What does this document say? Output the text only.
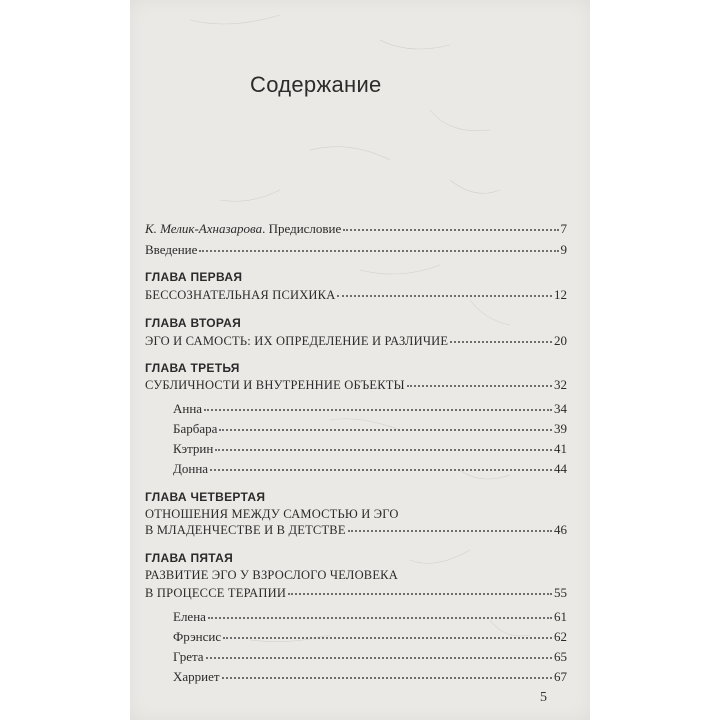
Содержание
К. Мелик-Ахназарова. Предисловие	7
Введение	9
ГЛАВА ПЕРВАЯ
БЕССОЗНАТЕЛЬНАЯ ПСИХИКА	12
ГЛАВА ВТОРАЯ
ЭГО И САМОСТЬ: ИХ ОПРЕДЕЛЕНИЕ И РАЗЛИЧИЕ	20
ГЛАВА ТРЕТЬЯ
СУБЛИЧНОСТИ И ВНУТРЕННИЕ ОБЪЕКТЫ	32
Анна	34
Барбара	39
Кэтрин	41
Донна	44
ГЛАВА ЧЕТВЕРТАЯ
ОТНОШЕНИЯ МЕЖДУ САМОСТЬЮ И ЭГО
В МЛАДЕНЧЕСТВЕ И В ДЕТСТВЕ	46
ГЛАВА ПЯТАЯ
РАЗВИТИЕ ЭГО У ВЗРОСЛОГО ЧЕЛОВЕКА
В ПРОЦЕССЕ ТЕРАПИИ	55
Елена	61
Фрэнсис	62
Грета	65
Харриет	67
5
